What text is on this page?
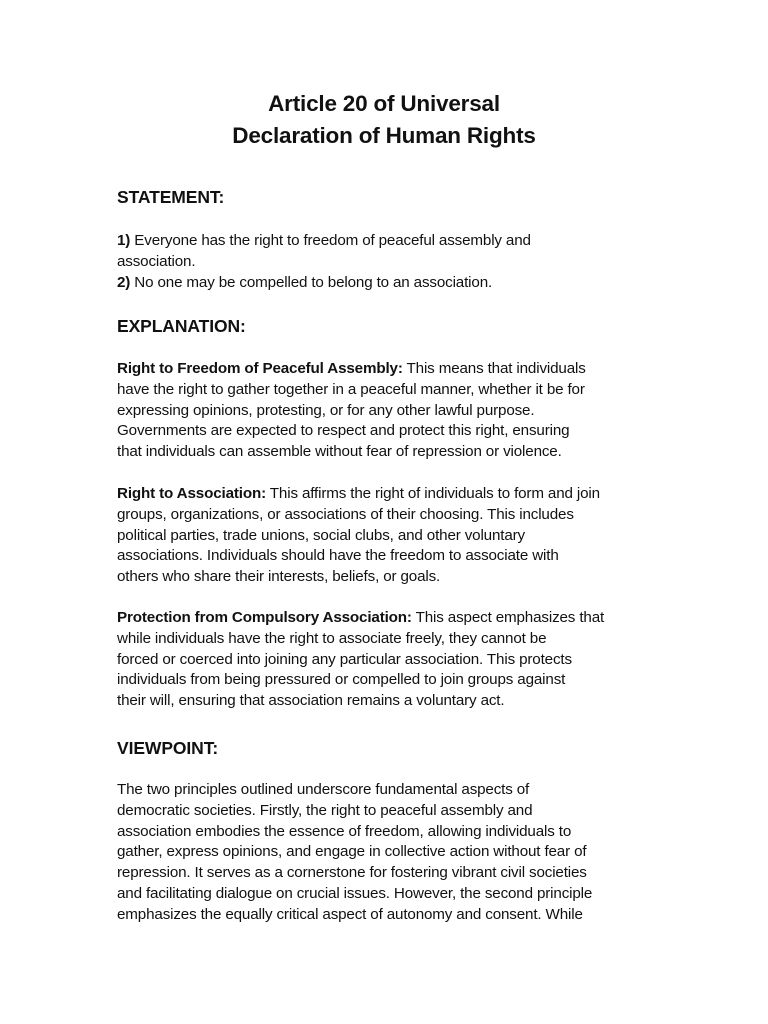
Article 20 of Universal
Declaration of Human Rights
STATEMENT:
1) Everyone has the right to freedom of peaceful assembly and
association.
2) No one may be compelled to belong to an association.
EXPLANATION:
Right to Freedom of Peaceful Assembly: This means that individuals
have the right to gather together in a peaceful manner, whether it be for
expressing opinions, protesting, or for any other lawful purpose.
Governments are expected to respect and protect this right, ensuring
that individuals can assemble without fear of repression or violence.
Right to Association: This affirms the right of individuals to form and join
groups, organizations, or associations of their choosing. This includes
political parties, trade unions, social clubs, and other voluntary
associations. Individuals should have the freedom to associate with
others who share their interests, beliefs, or goals.
Protection from Compulsory Association: This aspect emphasizes that
while individuals have the right to associate freely, they cannot be
forced or coerced into joining any particular association. This protects
individuals from being pressured or compelled to join groups against
their will, ensuring that association remains a voluntary act.
VIEWPOINT:
The two principles outlined underscore fundamental aspects of
democratic societies. Firstly, the right to peaceful assembly and
association embodies the essence of freedom, allowing individuals to
gather, express opinions, and engage in collective action without fear of
repression. It serves as a cornerstone for fostering vibrant civil societies
and facilitating dialogue on crucial issues. However, the second principle
emphasizes the equally critical aspect of autonomy and consent. While
